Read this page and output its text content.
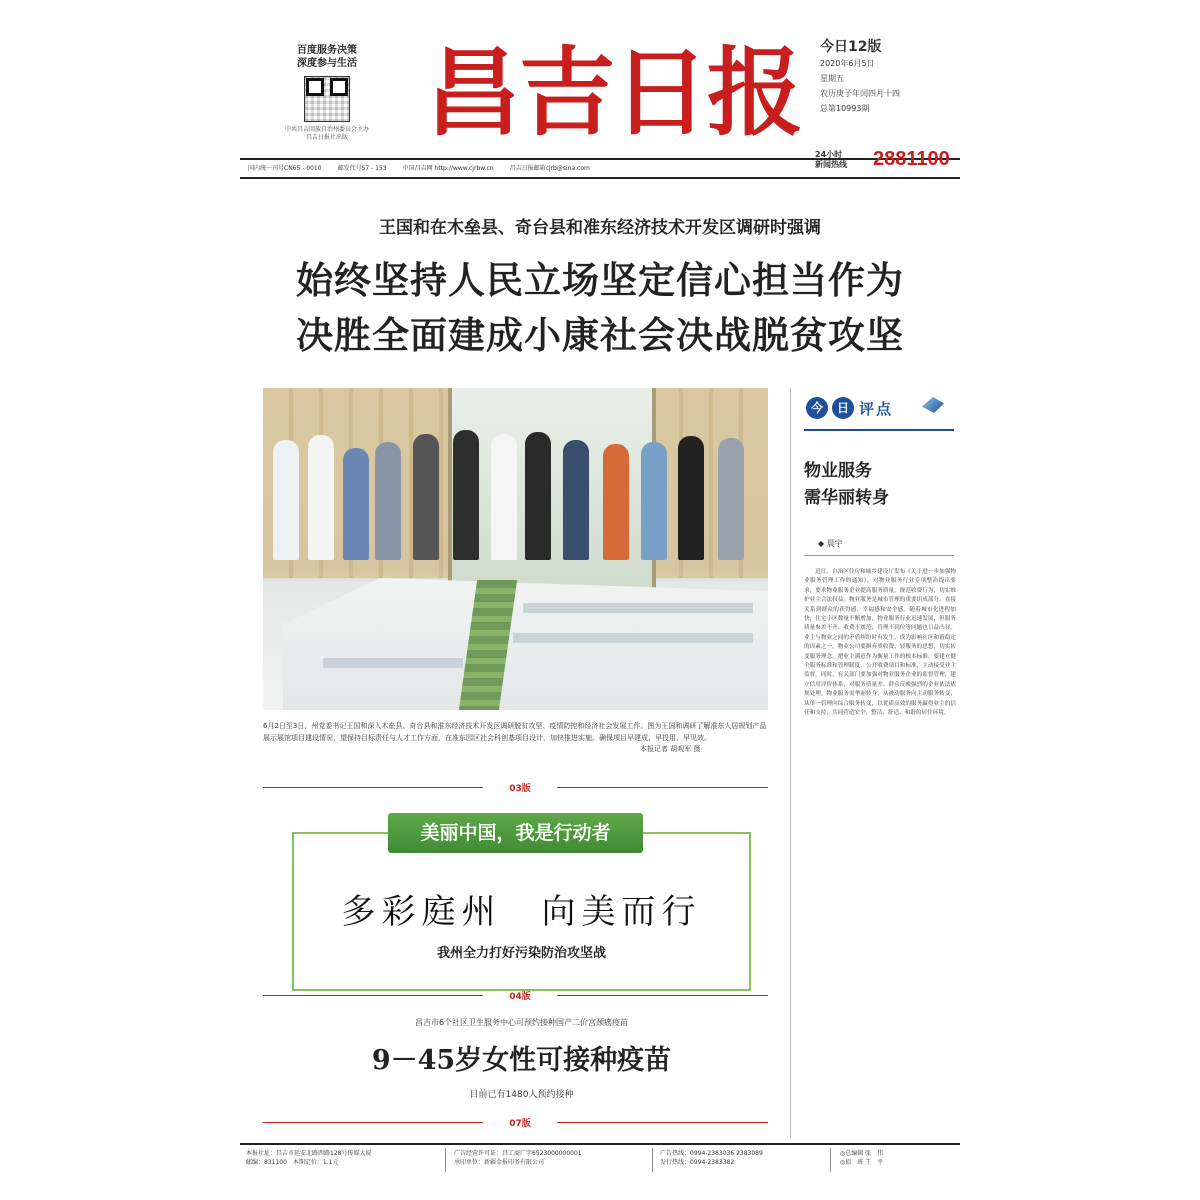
百度服务决策

深度参与生活

中共昌吉回族自治州委员会主办
昌吉日报社出版 昌吉日报 今日12版
2020年6月5日
星期五
农历庚子年闰四月十四
总第10993期
国内统一刊号CN65 - 0010	邮发代号57 - 153	中国昌吉网 http://www.cjrbw.cn	昌吉日报邮箱cjrb@sina.com
24小时
新闻热线 2881100
王国和在木垒县、奇台县和准东经济技术开发区调研时强调
始终坚持人民立场坚定信心担当作为
决胜全面建成小康社会决战脱贫攻坚

6月2日至3日，州党委书记王国和深入木垒县、奇台县和准东经济技术开发区调研脱贫攻坚、疫情防控和经济社会发展工作。图为王国和调研了解准东人居规划产品展示展馆项目建设情况，望保持目标责任与人才工作方面，在准东园区社会科创基项目设计，加快推进实施。确保项目早建成、早投用、早见效。

本报记者 胡观军 摄
03版
美丽中国，我是行动者
多彩庭州　向美而行
我州全力打好污染防治攻坚战
04版
昌吉市6个社区卫生服务中心可预约接种国产二价宫颈癌疫苗
9－45岁女性可接种疫苗
目前已有1480人预约接种
07版
今	日 评点
物业服务
需华丽转身
◆ 晨宇

近日，自治区住房和城乡建设厅发布《关于进一步加强物业服务管理工作的通知》，对物业服务行业专项整治提出要求，要求物业服务企业提高服务质量，规范收费行为，切实维护业主合法权益。物业服务是城市管理的重要组成部分，直接关系到群众的获得感、幸福感和安全感。随着城市化进程加快，住宅小区数量不断增加，物业服务行业迅速发展，但服务质量参差不齐、收费不规范、管理不到位等问题也日益凸显。业主与物业之间的矛盾纠纷时有发生，成为影响社区和谐稳定的因素之一。物业公司要摒弃重收费、轻服务的思想，切实转变服务理念，把业主满意作为衡量工作的根本标准。要建立健全服务标准和管理制度，公开收费项目和标准，主动接受业主监督。同时，有关部门要加强对物业服务企业的监督管理，建立信用评价体系，对服务质量差、群众反映强烈的企业依法依规处理。物业服务需华丽转身，从被动服务向主动服务转变，从单一管理向综合服务转变，以优质高效的服务赢得业主的信任和支持，共同营造安全、整洁、舒适、和谐的居住环境。

本报社址：昌吉市延安北路西路128号传媒大厦
邮编：831100　本期定价：1.1元
广告经营许可证：昌工商广字6523000000001
承印单位：新疆金报印务有限公司
广告热线：0994-2383036 2383089
发行热线：0994-2383382
◎总编辑 张　伟
◎值　班 王　平
